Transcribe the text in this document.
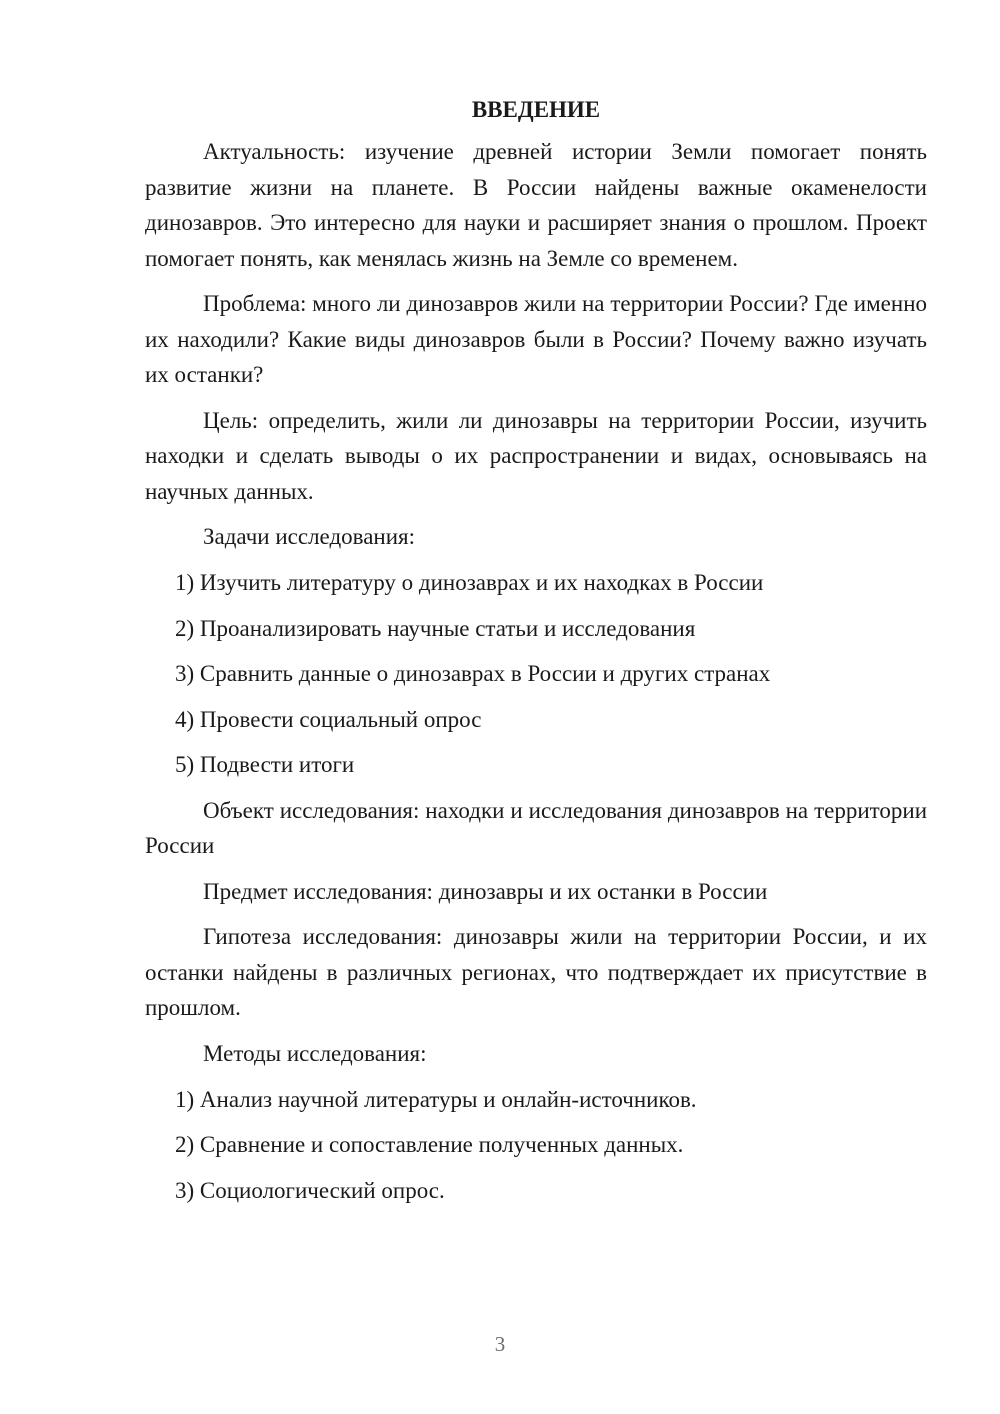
ВВЕДЕНИЕ

Актуальность: изучение древней истории Земли помогает понять развитие жизни на планете. В России найдены важные окаменелости динозавров. Это интересно для науки и расширяет знания о прошлом. Проект помогает понять, как менялась жизнь на Земле со временем.

Проблема: много ли динозавров жили на территории России? Где именно их находили? Какие виды динозавров были в России? Почему важно изучать их останки?

Цель: определить, жили ли динозавры на территории России, изучить находки и сделать выводы о их распространении и видах, основываясь на научных данных.

Задачи исследования:

1) Изучить литературу о динозаврах и их находках в России
2) Проанализировать научные статьи и исследования
3) Сравнить данные о динозаврах в России и других странах
4) Провести социальный опрос
5) Подвести итоги

Объект исследования: находки и исследования динозавров на территории России

Предмет исследования: динозавры и их останки в России

Гипотеза исследования: динозавры жили на территории России, и их останки найдены в различных регионах, что подтверждает их присутствие в прошлом.

Методы исследования:

1) Анализ научной литературы и онлайн-источников.
2) Сравнение и сопоставление полученных данных.
3) Социологический опрос.
3
